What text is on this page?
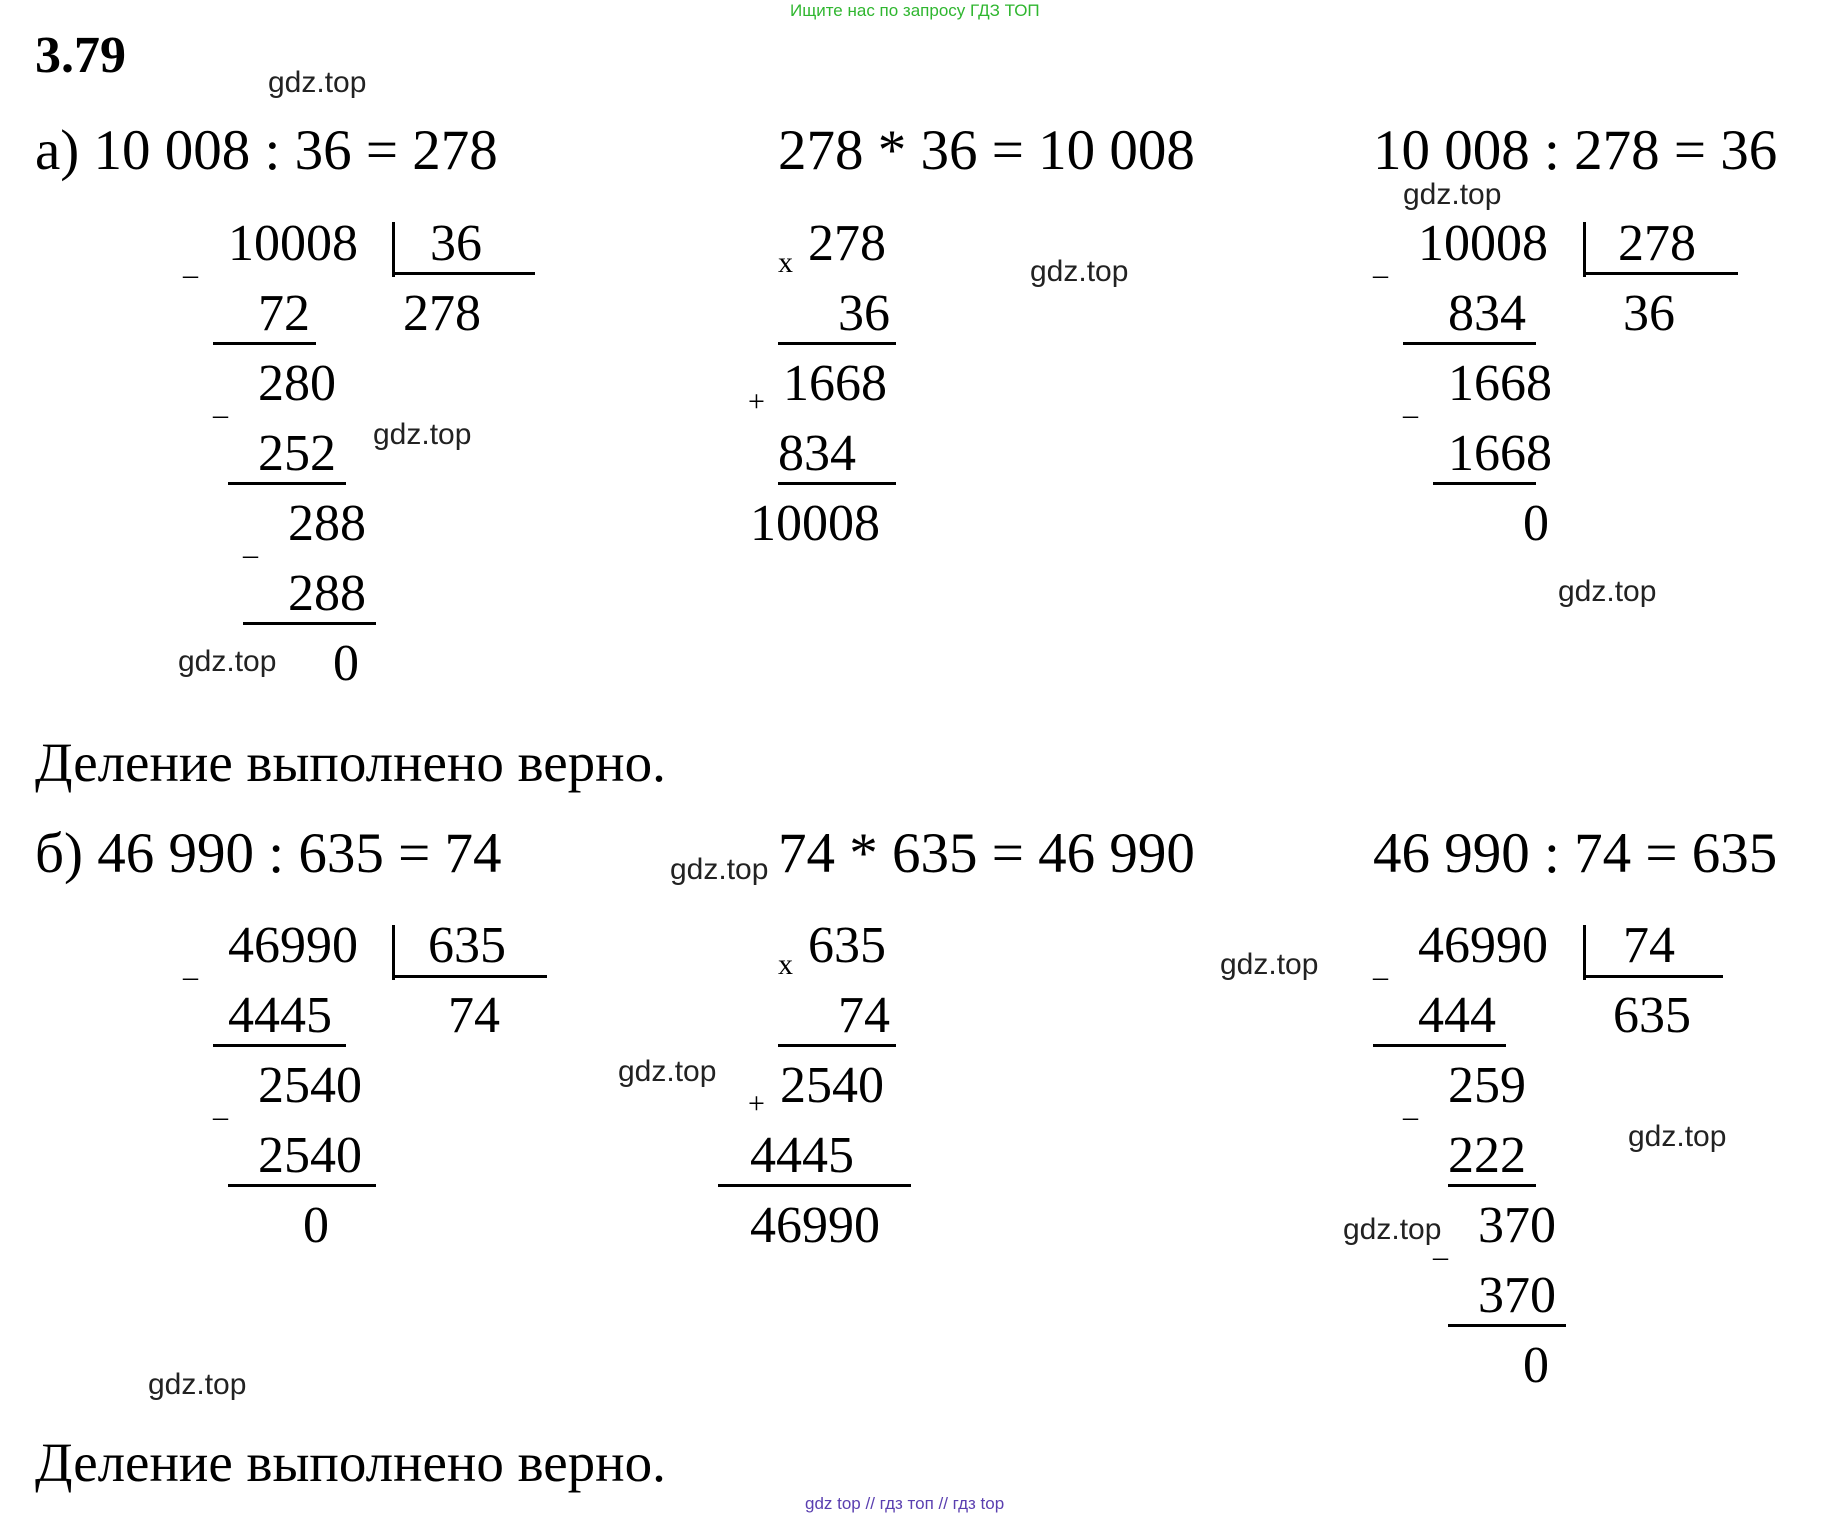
Ищите нас по запросу ГДЗ ТОП
gdz top // гдз топ // гдз top
3.79
а) 10 008 : 36 = 278	278 * 36 = 10 008	10 008 : 278 = 36
_ 10008 36
278
72
_ 280
252
_ 288
288
0
x 278
36
+ 1668
834
10008
_ 10008 278
36
834
_ 1668
1668
0
Деление выполнено верно.
б) 46 990 : 635 = 74	74 * 635 = 46 990	46 990 : 74 = 635
_ 46990 635
74
4445
_ 2540
2540
0
x 635
74
+ 2540
4445
46990
_ 46990 74
635
444
_ 259
222
_ 370
370
0
Деление выполнено верно.
gdz.top
gdz.top
gdz.top
gdz.top
gdz.top
gdz.top
gdz.top
gdz.top
gdz.top
gdz.top
gdz.top
gdz.top
